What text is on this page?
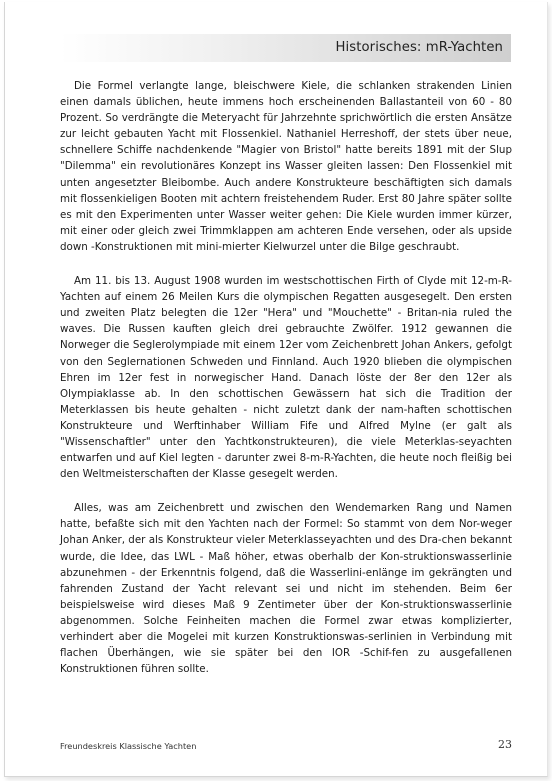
Historisches: mR-Yachten

Die Formel verlangte lange, bleischwere Kiele, die schlanken strakenden Linien einen damals üblichen, heute immens hoch erscheinenden Ballastanteil von 60 - 80 Prozent. So verdrängte die Meteryacht für Jahrzehnte sprichwörtlich die ersten Ansätze zur leicht gebauten Yacht mit Flossenkiel. Nathaniel Herreshoff, der stets über neue, schnellere Schiffe nachdenkende "Magier von Bristol" hatte bereits 1891 mit der Slup "Dilemma" ein revolutionäres Konzept ins Wasser gleiten lassen: Den Flossenkiel mit unten angesetzter Bleibombe. Auch andere Konstrukteure beschäftigten sich damals mit flossenkieligen Booten mit achtern freistehendem Ruder. Erst 80 Jahre später sollte es mit den Experimenten unter Wasser weiter gehen: Die Kiele wurden immer kürzer, mit einer oder gleich zwei Trimmklappen am achteren Ende versehen, oder als upside down -Konstruktionen mit mini-mierter Kielwurzel unter die Bilge geschraubt.

Am 11. bis 13. August 1908 wurden im westschottischen Firth of Clyde mit 12-m-R-Yachten auf einem 26 Meilen Kurs die olympischen Regatten ausgesegelt. Den ersten und zweiten Platz belegten die 12er "Hera" und "Mouchette" - Britan-nia ruled the waves. Die Russen kauften gleich drei gebrauchte Zwölfer. 1912 gewannen die Norweger die Seglerolympiade mit einem 12er vom Zeichenbrett Johan Ankers, gefolgt von den Seglernationen Schweden und Finnland. Auch 1920 blieben die olympischen Ehren im 12er fest in norwegischer Hand. Danach löste der 8er den 12er als Olympiaklasse ab. In den schottischen Gewässern hat sich die Tradition der Meterklassen bis heute gehalten - nicht zuletzt dank der nam-haften schottischen Konstrukteure und Werftinhaber William Fife und Alfred Mylne (er galt als "Wissenschaftler" unter den Yachtkonstrukteuren), die viele Meterklas-seyachten entwarfen und auf Kiel legten - darunter zwei 8-m-R-Yachten, die heute noch fleißig bei den Weltmeisterschaften der Klasse gesegelt werden.

Alles, was am Zeichenbrett und zwischen den Wendemarken Rang und Namen hatte, befaßte sich mit den Yachten nach der Formel: So stammt von dem Nor-weger Johan Anker, der als Konstrukteur vieler Meterklasseyachten und des Dra-chen bekannt wurde, die Idee, das LWL - Maß höher, etwas oberhalb der Kon-struktionswasserlinie abzunehmen - der Erkenntnis folgend, daß die Wasserlini-enlänge im gekrängten und fahrenden Zustand der Yacht relevant sei und nicht im stehenden. Beim 6er beispielsweise wird dieses Maß 9 Zentimeter über der Kon-struktionswasserlinie abgenommen. Solche Feinheiten machen die Formel zwar etwas komplizierter, verhindert aber die Mogelei mit kurzen Konstruktionswas-serlinien in Verbindung mit flachen Überhängen, wie sie später bei den IOR -Schif-fen zu ausgefallenen Konstruktionen führen sollte.

Freundeskreis Klassische Yachten	23
